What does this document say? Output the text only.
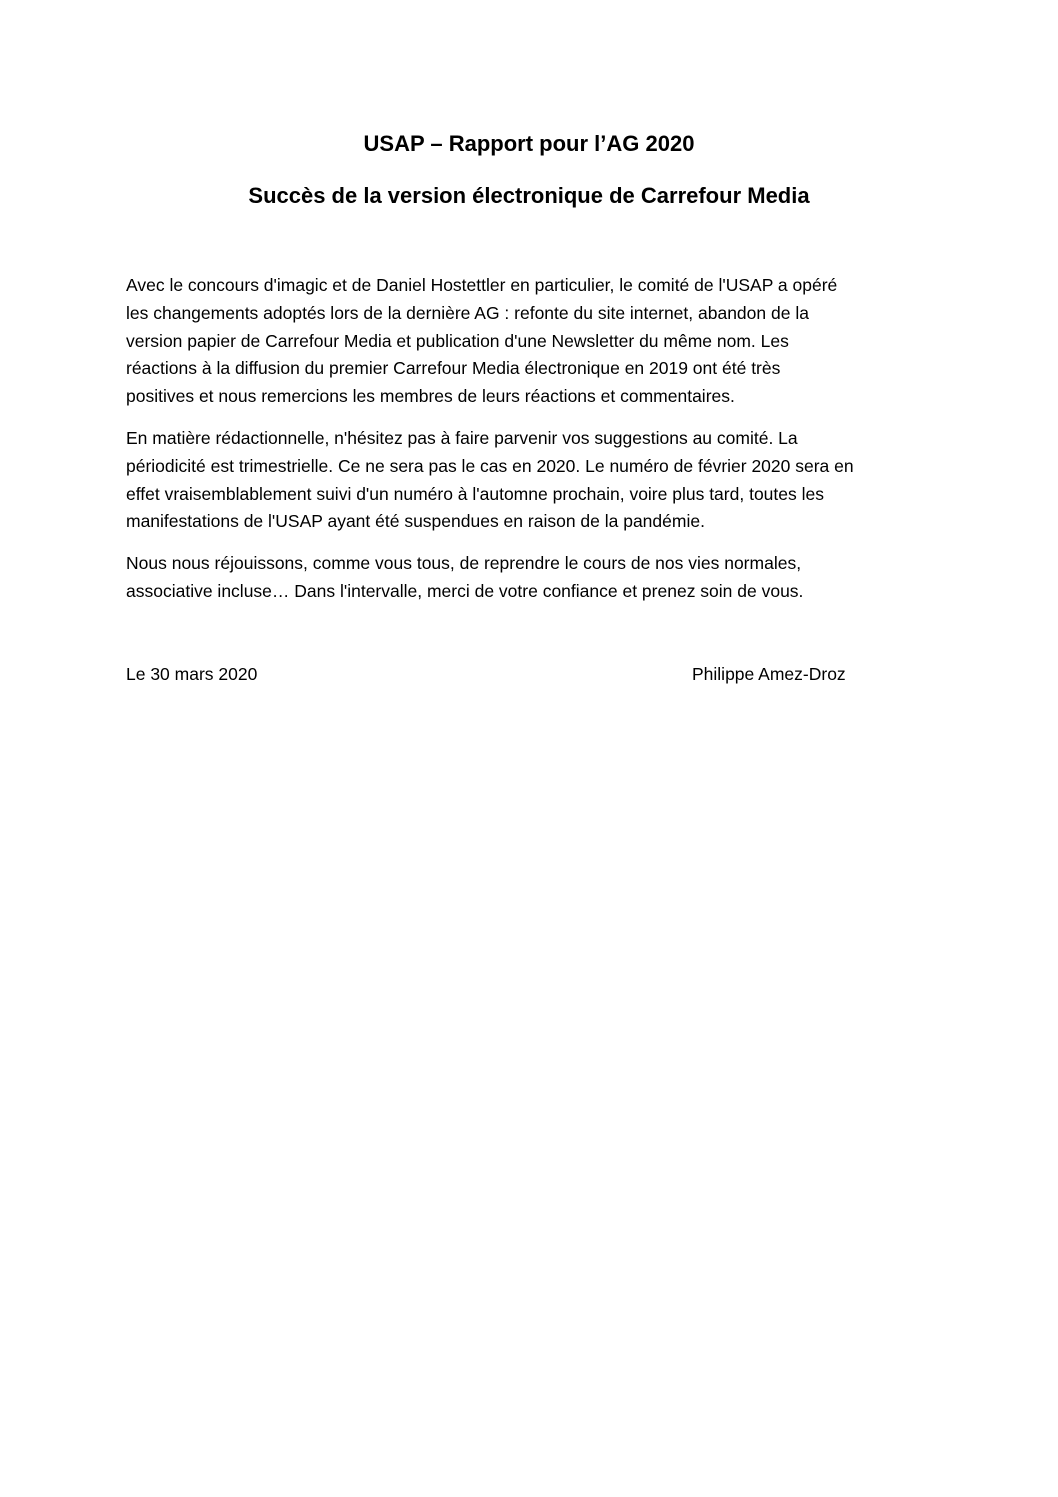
USAP – Rapport pour l’AG 2020
Succès de la version électronique de Carrefour Media

Avec le concours d'imagic et de Daniel Hostettler en particulier, le comité de l'USAP a opéré
les changements adoptés lors de la dernière AG : refonte du site internet, abandon de la
version papier de Carrefour Media et publication d'une Newsletter du même nom. Les
réactions à la diffusion du premier Carrefour Media électronique en 2019 ont été très
positives et nous remercions les membres de leurs réactions et commentaires.

En matière rédactionnelle, n'hésitez pas à faire parvenir vos suggestions au comité. La
périodicité est trimestrielle. Ce ne sera pas le cas en 2020. Le numéro de février 2020 sera en
effet vraisemblablement suivi d'un numéro à l'automne prochain, voire plus tard, toutes les
manifestations de l'USAP ayant été suspendues en raison de la pandémie.

Nous nous réjouissons, comme vous tous, de reprendre le cours de nos vies normales,
associative incluse… Dans l'intervalle, merci de votre confiance et prenez soin de vous.

Le 30 mars 2020	Philippe Amez-Droz
